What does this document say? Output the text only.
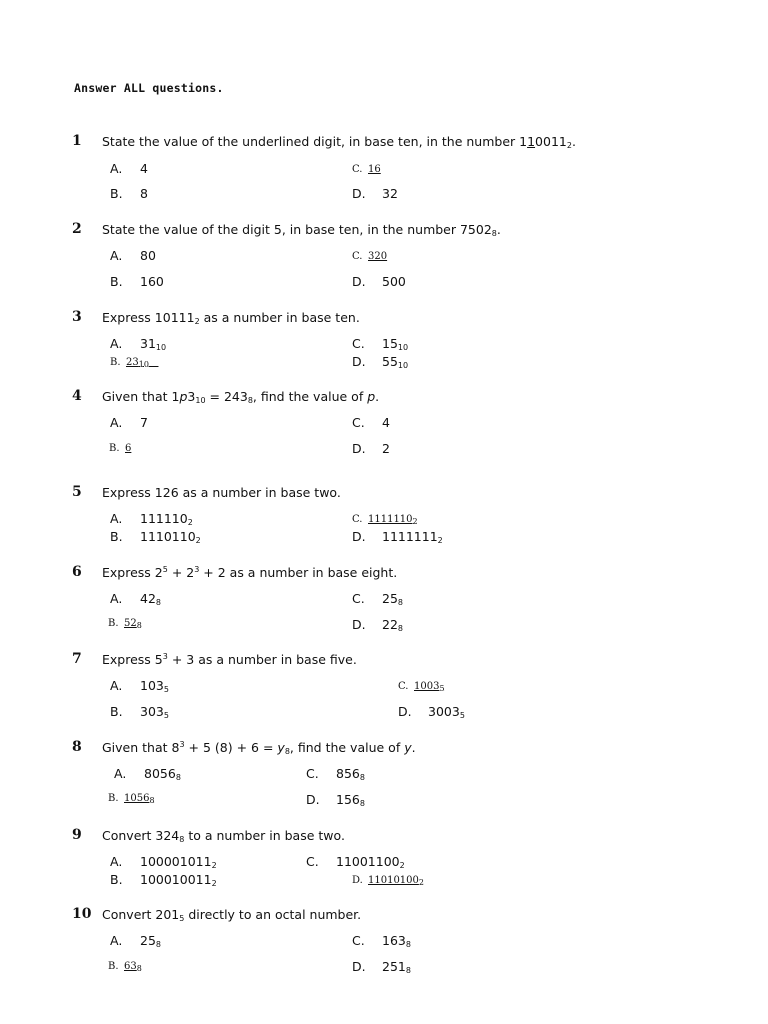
Answer ALL questions.
1 State the value of the underlined digit, in base ten, in the number $110011_2$.
A. 4	C. 16
B. 8	D. 32
2 State the value of the digit 5, in base ten, in the number $7502_8$.
A. 80	C. 320
B. 160	D. 500
3 Express $10111_2$ as a number in base ten.
A. $31_{10}$	C. $15_{10}$
B. $23_{10}$	D. $55_{10}$
4 Given that $1p3_{10} = 243_8$, find the value of p.
A. 7	C. 4
B. 6	D. 2
5 Express 126 as a number in base two.
A. $111110_2$	C. $1111110_2$
B. $1110110_2$	D. $1111111_2$
6 Express $2^5 + 2^3 + 2$ as a number in base eight.
A. $42_8$	C. $25_8$
B. $52_8$	D. $22_8$
7 Express $5^3 + 3$ as a number in base five.
A. $103_5$	C. $1003_5$
B. $303_5$	D. $3003_5$
8 Given that $8^3 + 5$ $(8) + 6 = y_8$, find the value of y.
A. $8056_8$	C. $856_8$
B. $1056_8$	D. $156_8$
9 Convert $324_8$ to a number in base two.
A. $100001011_2$	C. $11001100_2$
B. $100010011_2$	D. $11010100_2$
10 Convert $201_5$ directly to an octal number.
A. $25_8$	C. $163_8$
B. $63_8$	D. $251_8$
